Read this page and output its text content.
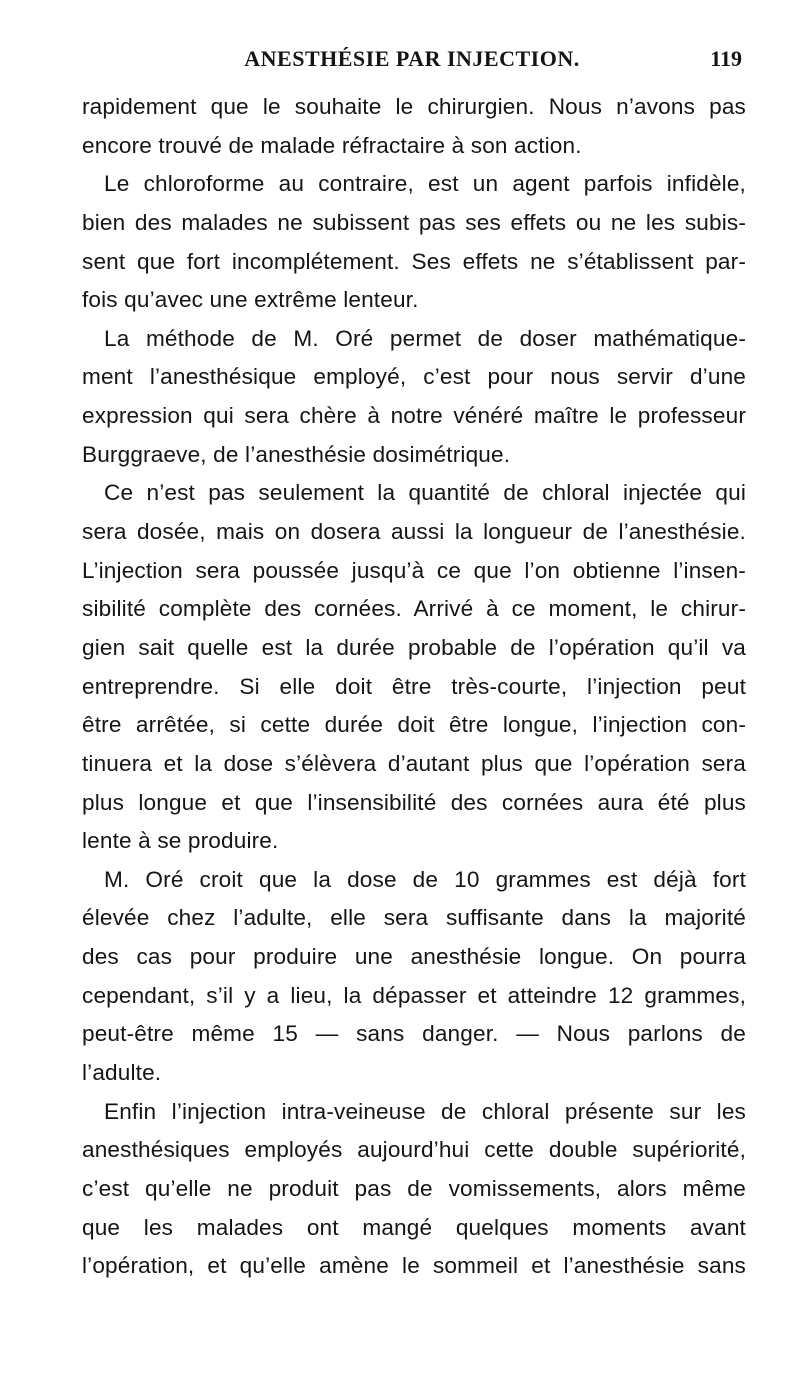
ANESTHÉSIE PAR INJECTION.	119
rapidement que le souhaite le chirurgien. Nous n’avons pas
encore trouvé de malade réfractaire à son action.
Le chloroforme au contraire, est un agent parfois infidèle,
bien des malades ne subissent pas ses effets ou ne les subis-
sent que fort incomplétement. Ses effets ne s’établissent par-
fois qu’avec une extrême lenteur.
La méthode de M. Oré permet de doser mathématique-
ment l’anesthésique employé, c’est pour nous servir d’une
expression qui sera chère à notre vénéré maître le professeur
Burggraeve, de l’anesthésie dosimétrique.
Ce n’est pas seulement la quantité de chloral injectée qui
sera dosée, mais on dosera aussi la longueur de l’anesthésie.
L’injection sera poussée jusqu’à ce que l’on obtienne l’insen-
sibilité complète des cornées. Arrivé à ce moment, le chirur-
gien sait quelle est la durée probable de l’opération qu’il va
entreprendre. Si elle doit être très-courte, l’injection peut
être arrêtée, si cette durée doit être longue, l’injection con-
tinuera et la dose s’élèvera d’autant plus que l’opération sera
plus longue et que l’insensibilité des cornées aura été plus
lente à se produire.
M. Oré croit que la dose de 10 grammes est déjà fort
élevée chez l’adulte, elle sera suffisante dans la majorité
des cas pour produire une anesthésie longue. On pourra
cependant, s’il y a lieu, la dépasser et atteindre 12 grammes,
peut-être même 15 — sans danger. — Nous parlons de
l’adulte.
Enfin l’injection intra-veineuse de chloral présente sur les
anesthésiques employés aujourd’hui cette double supériorité,
c’est qu’elle ne produit pas de vomissements, alors même
que les malades ont mangé quelques moments avant
l’opération, et qu’elle amène le sommeil et l’anesthésie sans
